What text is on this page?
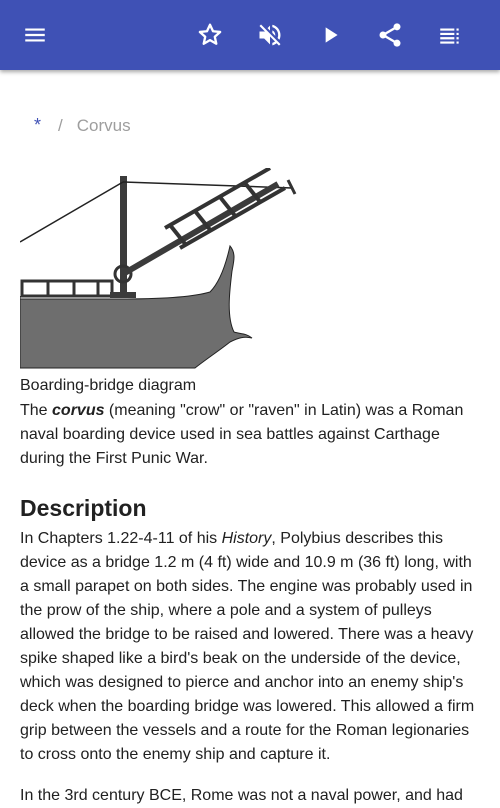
* / Corvus
Boarding-bridge diagram

The corvus (meaning "crow" or "raven" in Latin) was a Roman naval boarding device used in sea battles against Carthage during the First Punic War.

Description

In Chapters 1.22-4-11 of his History, Polybius describes this device as a bridge 1.2 m (4 ft) wide and 10.9 m (36 ft) long, with a small parapet on both sides. The engine was probably used in the prow of the ship, where a pole and a system of pulleys allowed the bridge to be raised and lowered. There was a heavy spike shaped like a bird's beak on the underside of the device, which was designed to pierce and anchor into an enemy ship's deck when the boarding bridge was lowered. This allowed a firm grip between the vessels and a route for the Roman legionaries to cross onto the enemy ship and capture it.

In the 3rd century BCE, Rome was not a naval power, and had
